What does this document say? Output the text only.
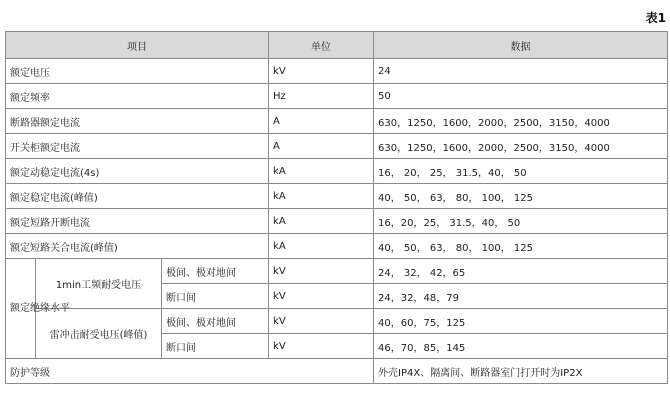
表1
项目			单位	数据
额定电压			kV	24
额定频率			Hz	50
断路器额定电流			A	630，1250，1600，2000，2500，3150，4000
开关柜额定电流			A	630，1250，1600，2000，2500，3150，4000
额定动稳定电流(4s)			kA	16， 20， 25， 31.5，40， 50
额定稳定电流(峰值)			kA	40， 50， 63， 80， 100， 125
额定短路开断电流			kA	16，20，25， 31.5，40， 50
额定短路关合电流(峰值)			kA	40， 50， 63， 80， 100， 125
额定绝缘水平	1min工频耐受电压	极间、极对地间	kV	24， 32， 42，65
		断口间	kV	24，32，48，79
	雷冲击耐受电压(峰值)	极间、极对地间	kV	40，60，75，125
		断口间	kV	46，70，85，145
防护等级				外壳IP4X、隔离间、断路器室门打开时为IP2X
